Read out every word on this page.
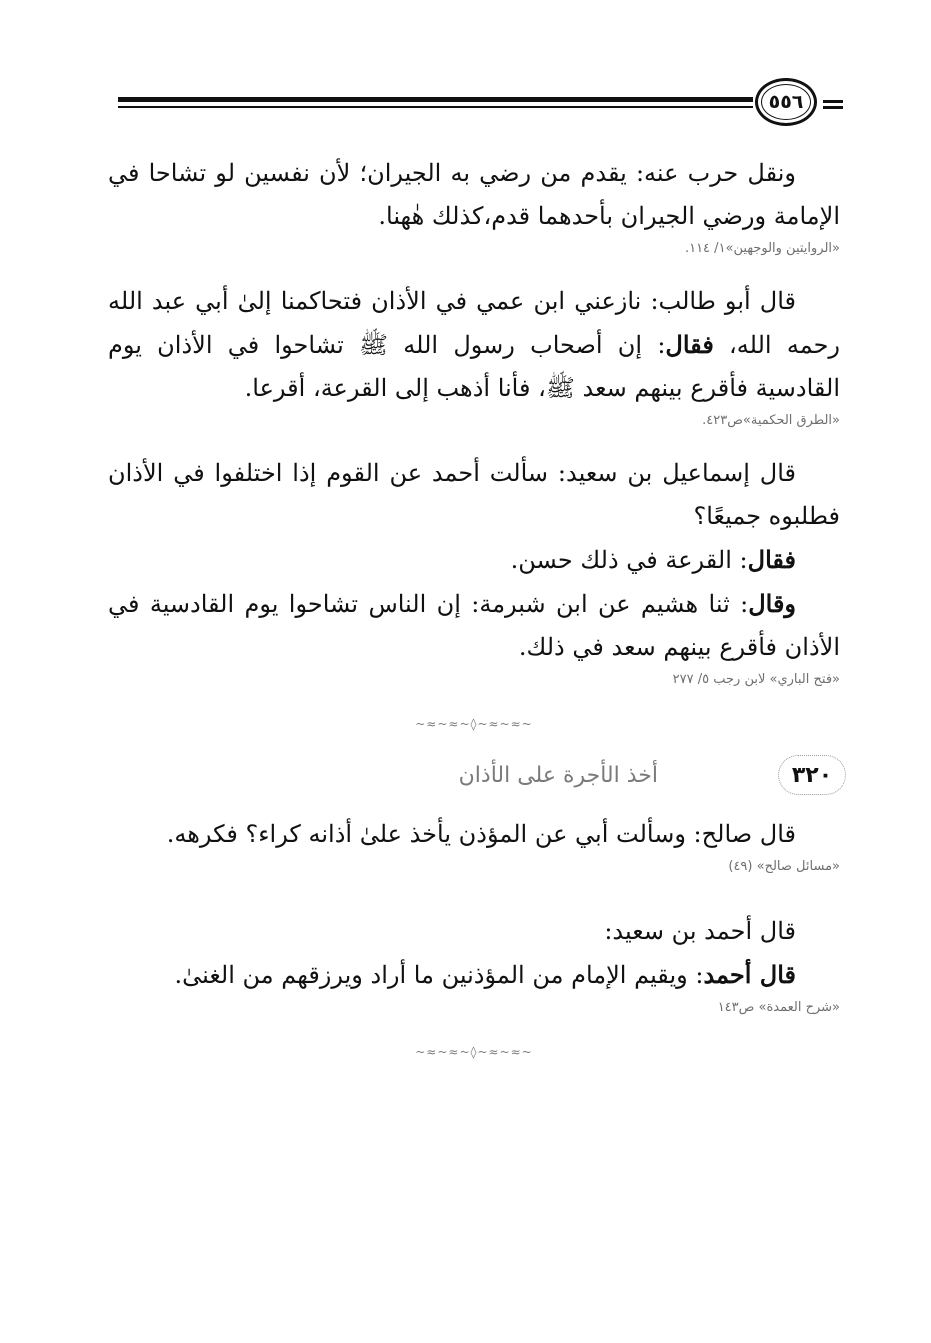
٥٥٦

ونقل حرب عنه: يقدم من رضي به الجيران؛ لأن نفسين لو تشاحا في الإمامة ورضي الجيران بأحدهما قدم،كذلك هٰهنا.

«الروايتين والوجهين»١/ ١١٤.

قال أبو طالب: نازعني ابن عمي في الأذان فتحاكمنا إلىٰ أبي عبد الله رحمه الله، فقال: إن أصحاب رسول الله ﷺ تشاحوا في الأذان يوم القادسية فأقرع بينهم سعد ﷺ، فأنا أذهب إلى القرعة، أقرعا.

«الطرق الحكمية»ص٤٢٣.

قال إسماعيل بن سعيد: سألت أحمد عن القوم إذا اختلفوا في الأذان فطلبوه جميعًا؟

فقال: القرعة في ذلك حسن.

وقال: ثنا هشيم عن ابن شبرمة: إن الناس تشاحوا يوم القادسية في الأذان فأقرع بينهم سعد في ذلك.

«فتح الباري» لابن رجب ٥/ ٢٧٧

~≈~≈~◊~≈~≈~
٣٢٠
أخذ الأجرة على الأذان

قال صالح: وسألت أبي عن المؤذن يأخذ علىٰ أذانه كراء؟ فكرهه.

«مسائل صالح» (٤٩)

قال أحمد بن سعيد:

قال أحمد: ويقيم الإمام من المؤذنين ما أراد ويرزقهم من الغنىٰ.

«شرح العمدة» ص١٤٣

~≈~≈~◊~≈~≈~
